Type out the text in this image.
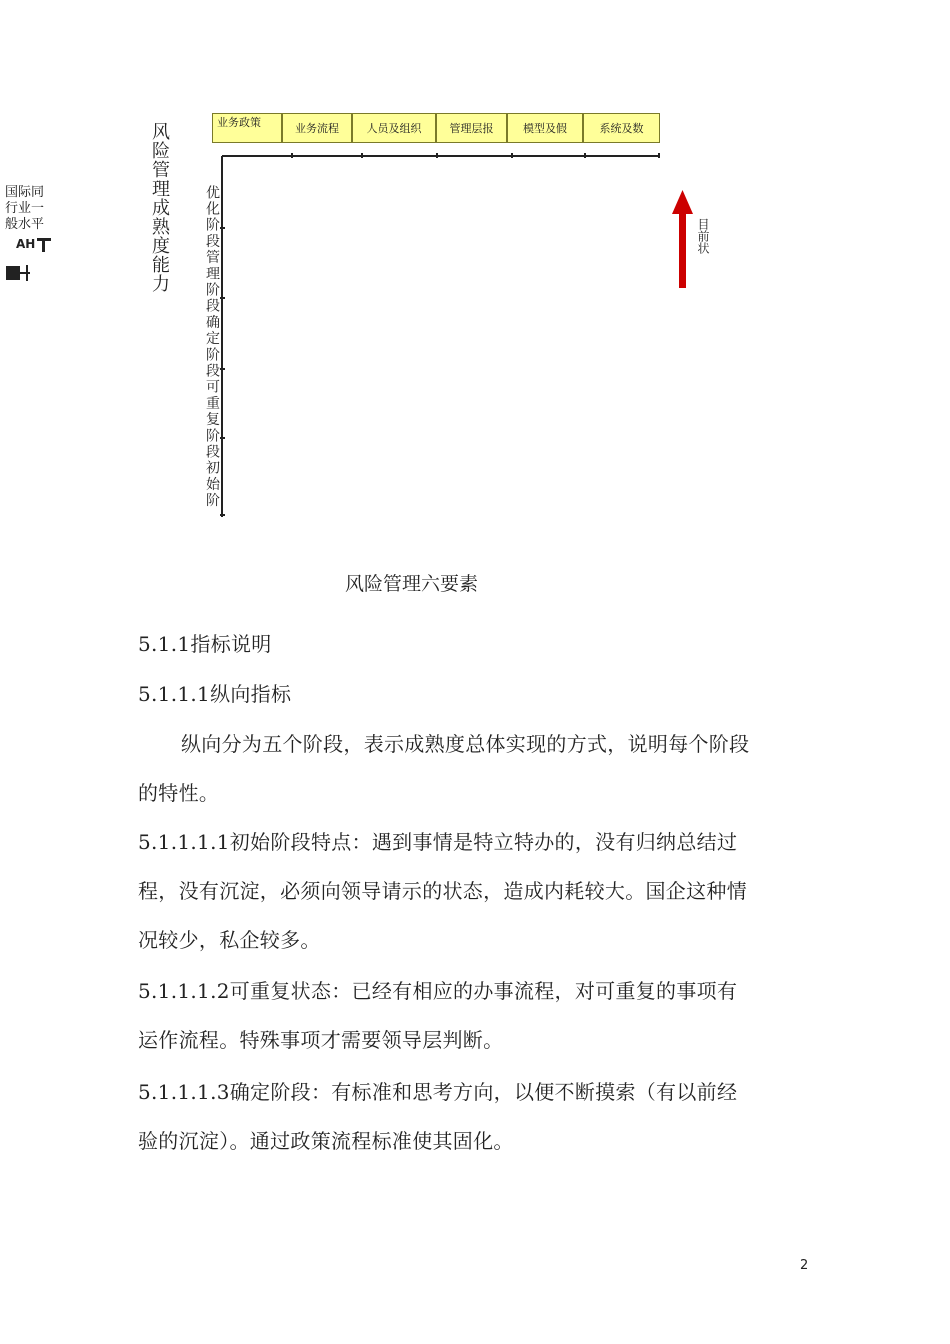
业务政策	业务流程	人员及组织	管理层报	模型及假	系统及数
风险管理成熟度能力 优化阶段管理阶段确定阶段可重复阶段初始阶
国际同
行业一
般水平
AH	目前状
风险管理六要素
5.1.1指标说明
5.1.1.1纵向指标
纵向分为五个阶段，表示成熟度总体实现的方式，说明每个阶段
的特性。
5.1.1.1.1初始阶段特点：遇到事情是特立特办的，没有归纳总结过
程，没有沉淀，必须向领导请示的状态，造成内耗较大。国企这种情
况较少，私企较多。
5.1.1.1.2可重复状态：已经有相应的办事流程，对可重复的事项有
运作流程。特殊事项才需要领导层判断。
5.1.1.1.3确定阶段：有标准和思考方向，以便不断摸索（有以前经
验的沉淀）。通过政策流程标准使其固化。
2
